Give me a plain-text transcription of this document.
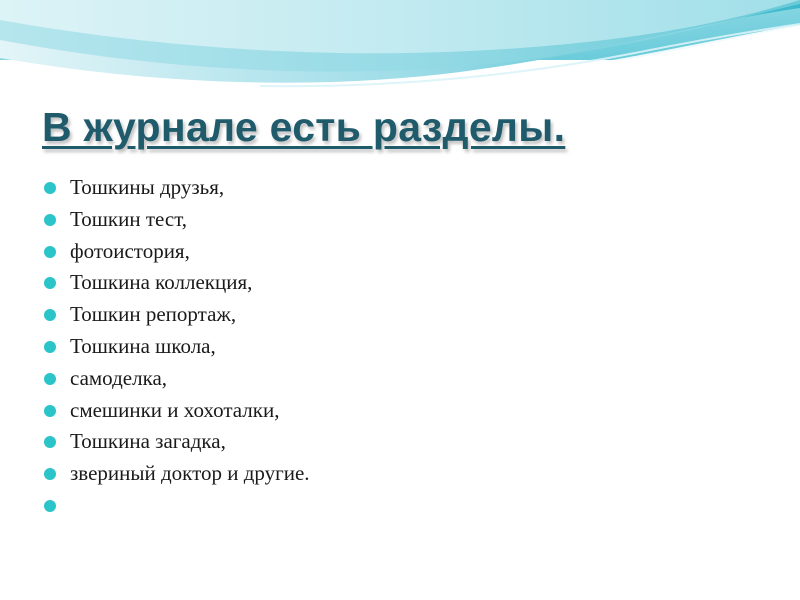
В журнале есть разделы.
Тошкины друзья,
Тошкин тест,
фотоистория,
Тошкина коллекция,
Тошкин репортаж,
Тошкина школа,
самоделка,
смешинки и хохоталки,
Тошкина загадка,
звериный доктор и другие.
